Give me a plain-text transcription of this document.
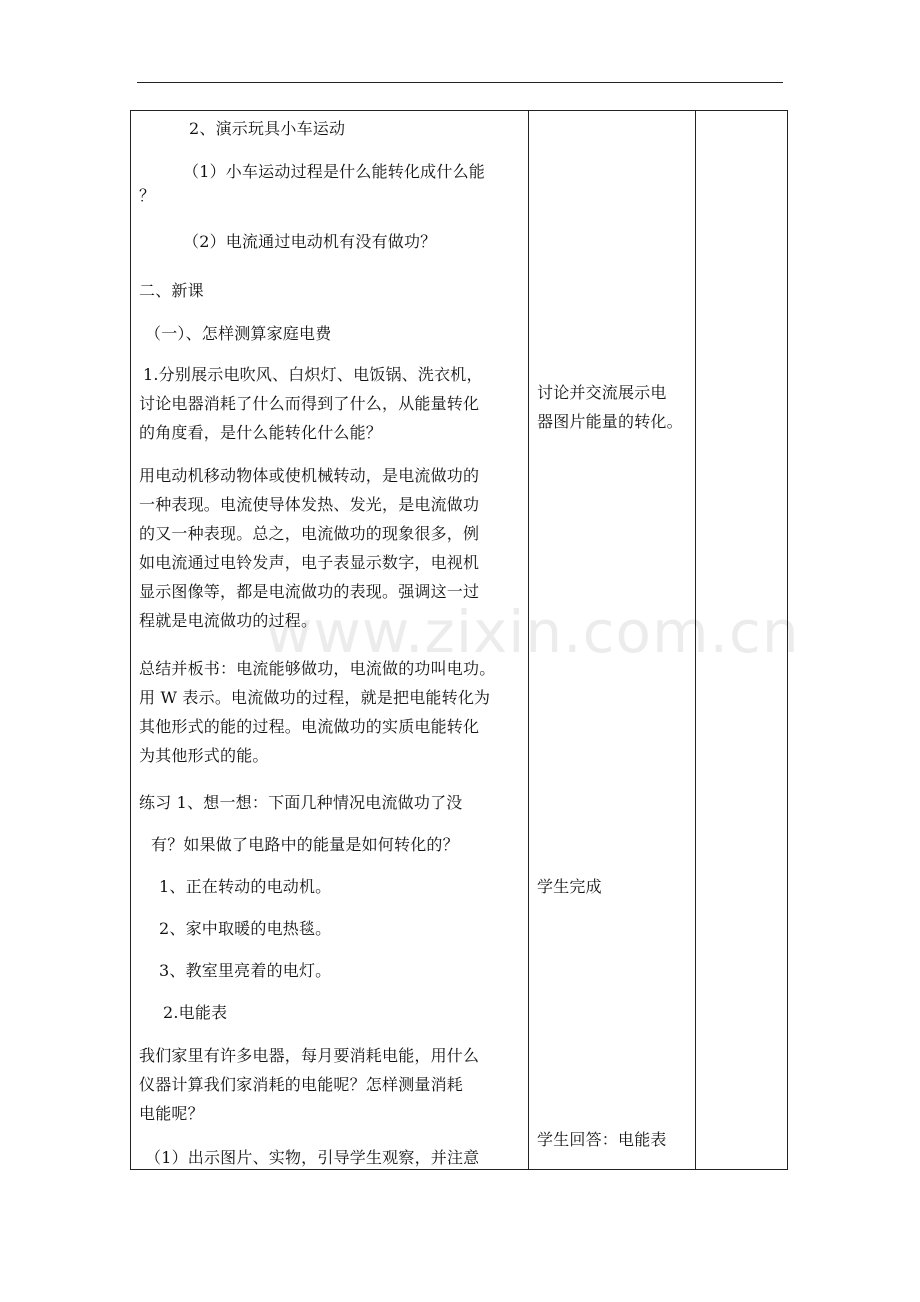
2、演示玩具小车运动
（1）小车运动过程是什么能转化成什么能
？
（2）电流通过电动机有没有做功？
二、新课
（一）、怎样测算家庭电费
1.分别展示电吹风、白炽灯、电饭锅、洗衣机，
讨论电器消耗了什么而得到了什么，从能量转化
的角度看，是什么能转化什么能？
用电动机移动物体或使机械转动，是电流做功的
一种表现。电流使导体发热、发光，是电流做功
的又一种表现。总之，电流做功的现象很多，例
如电流通过电铃发声，电子表显示数字，电视机
显示图像等，都是电流做功的表现。强调这一过
程就是电流做功的过程。
总结并板书：电流能够做功，电流做的功叫电功。
用 W 表示。电流做功的过程，就是把电能转化为
其他形式的能的过程。电流做功的实质电能转化
为其他形式的能。
练习 1、想一想：下面几种情况电流做功了没
有？如果做了电路中的能量是如何转化的？
1、正在转动的电动机。
2、家中取暖的电热毯。
3、教室里亮着的电灯。
2.电能表
我们家里有许多电器，每月要消耗电能，用什么
仪器计算我们家消耗的电能呢？怎样测量消耗
电能呢？
（1）出示图片、实物，引导学生观察，并注意
讨论并交流展示电
器图片能量的转化。
学生完成
学生回答：电能表
www.zixin.com.cn
